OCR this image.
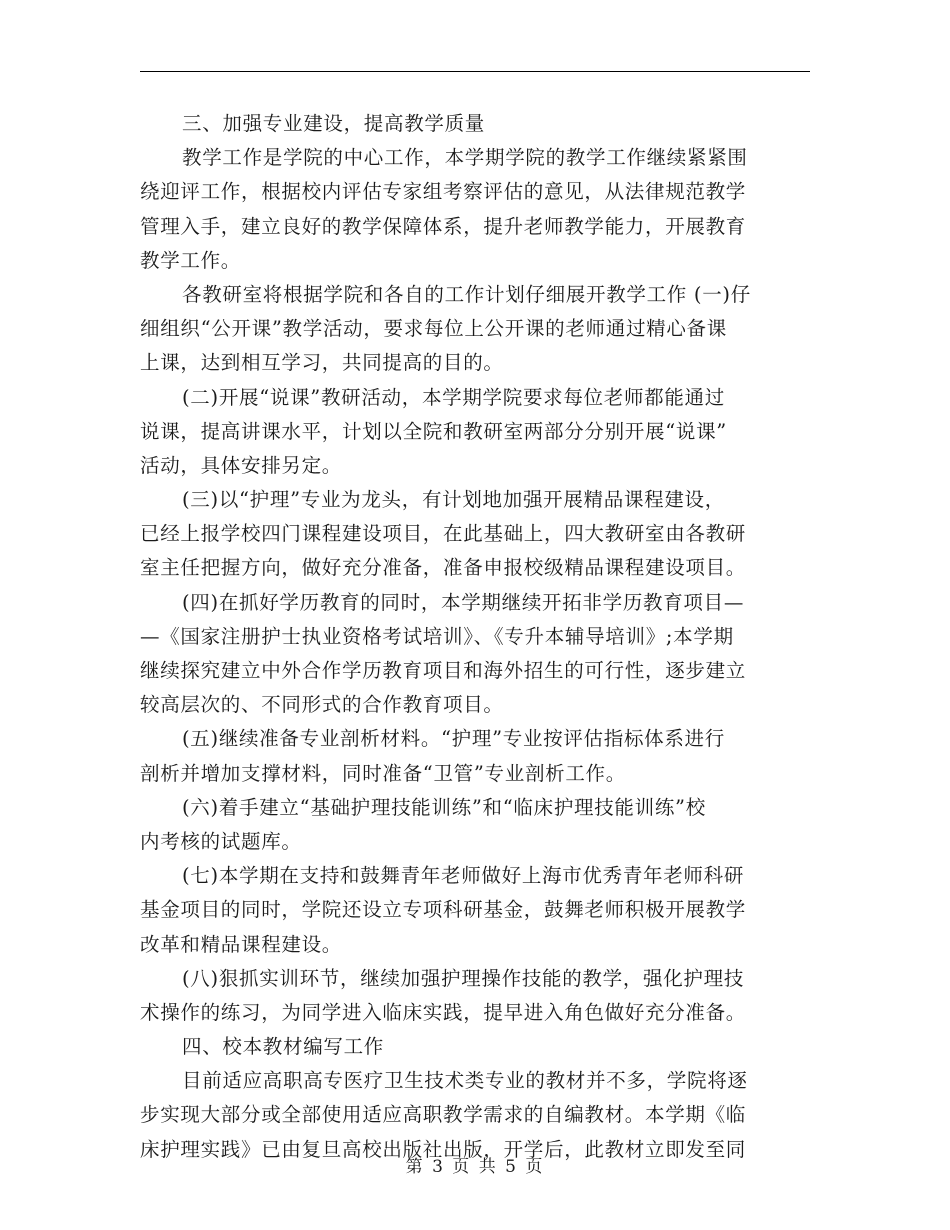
三、加强专业建设，提高教学质量
教学工作是学院的中心工作，本学期学院的教学工作继续紧紧围
绕迎评工作，根据校内评估专家组考察评估的意见，从法律规范教学
管理入手，建立良好的教学保障体系，提升老师教学能力，开展教育
教学工作。
各教研室将根据学院和各自的工作计划仔细展开教学工作 (一)仔
细组织“公开课”教学活动，要求每位上公开课的老师通过精心备课
上课，达到相互学习，共同提高的目的。
(二)开展“说课”教研活动，本学期学院要求每位老师都能通过
说课，提高讲课水平，计划以全院和教研室两部分分别开展“说课”
活动，具体安排另定。
(三)以“护理”专业为龙头，有计划地加强开展精品课程建设，
已经上报学校四门课程建设项目，在此基础上，四大教研室由各教研
室主任把握方向，做好充分准备，准备申报校级精品课程建设项目。
(四)在抓好学历教育的同时，本学期继续开拓非学历教育项目—
—《国家注册护士执业资格考试培训》、《专升本辅导培训》;本学期
继续探究建立中外合作学历教育项目和海外招生的可行性，逐步建立
较高层次的、不同形式的合作教育项目。
(五)继续准备专业剖析材料。“护理”专业按评估指标体系进行
剖析并增加支撑材料，同时准备“卫管”专业剖析工作。
(六)着手建立“基础护理技能训练”和“临床护理技能训练”校
内考核的试题库。
(七)本学期在支持和鼓舞青年老师做好上海市优秀青年老师科研
基金项目的同时，学院还设立专项科研基金，鼓舞老师积极开展教学
改革和精品课程建设。
(八)狠抓实训环节，继续加强护理操作技能的教学，强化护理技
术操作的练习，为同学进入临床实践，提早进入角色做好充分准备。
四、校本教材编写工作
目前适应高职高专医疗卫生技术类专业的教材并不多，学院将逐
步实现大部分或全部使用适应高职教学需求的自编教材。本学期《临
床护理实践》已由复旦高校出版社出版，开学后，此教材立即发至同
第 3 页 共 5 页
